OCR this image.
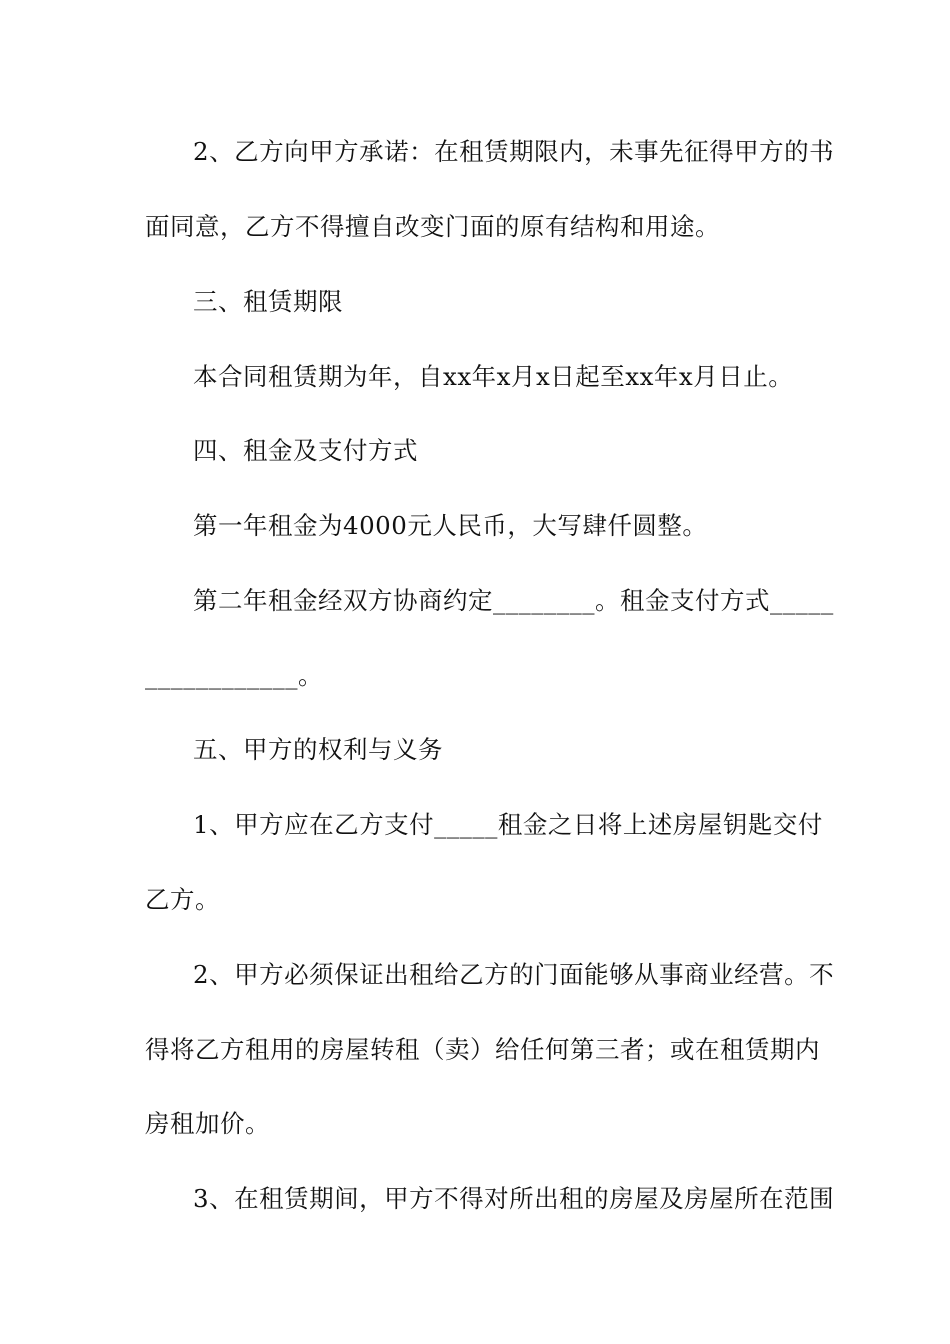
2、乙方向甲方承诺：在租赁期限内，未事先征得甲方的书
面同意，乙方不得擅自改变门面的原有结构和用途。
三、租赁期限
本合同租赁期为年，自xx年x月x日起至xx年x月日止。
四、租金及支付方式
第一年租金为4000元人民币，大写肆仟圆整。
第二年租金经双方协商约定________。租金支付方式_____
____________。
五、甲方的权利与义务
1、甲方应在乙方支付_____租金之日将上述房屋钥匙交付
乙方。
2、甲方必须保证出租给乙方的门面能够从事商业经营。不
得将乙方租用的房屋转租（卖）给任何第三者；或在租赁期内
房租加价。
3、在租赁期间，甲方不得对所出租的房屋及房屋所在范围
